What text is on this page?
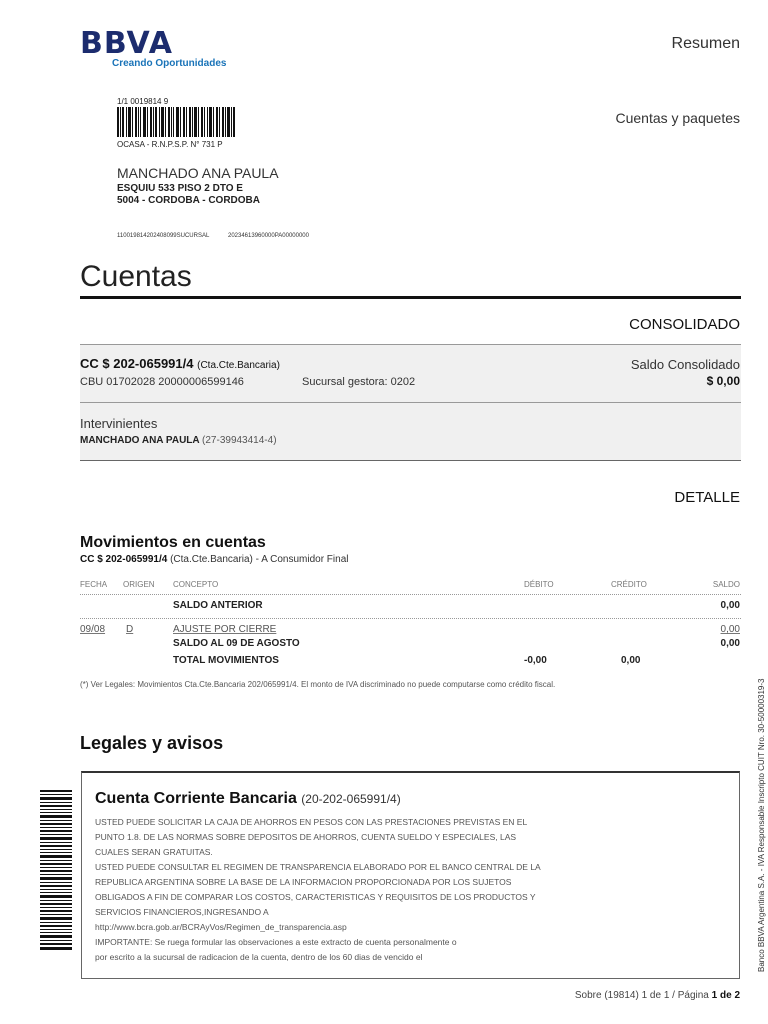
BBVA
Creando Oportunidades
Resumen
Cuentas y paquetes
1/1 0019814 9
OCASA - R.N.P.S.P. N° 731 P
MANCHADO ANA PAULA
ESQUIU 533 PISO 2 DTO E
5004 - CORDOBA - CORDOBA
110019814202408099SUCURSAL	20234613960000PA00000000
Cuentas
CONSOLIDADO
CC $ 202-065991/4 (Cta.Cte.Bancaria)
CBU 01702028 20000006599146	Sucursal gestora: 0202
Saldo Consolidado
$ 0,00
Intervinientes
MANCHADO ANA PAULA (27-39943414-4)
DETALLE
Movimientos en cuentas
CC $ 202-065991/4 (Cta.Cte.Bancaria) - A Consumidor Final
FECHA ORIGEN CONCEPTO	DÉBITO	CRÉDITO	SALDO
SALDO ANTERIOR	0,00
09/08 D	AJUSTE POR CIERRE	0,00
SALDO AL 09 DE AGOSTO	0,00
TOTAL MOVIMIENTOS	-0,00	0,00
(*) Ver Legales: Movimientos Cta.Cte.Bancaria 202/065991/4. El monto de IVA discriminado no puede computarse como crédito fiscal.
Legales y avisos
Cuenta Corriente Bancaria (20-202-065991/4)
USTED PUEDE SOLICITAR LA CAJA DE AHORROS EN PESOS CON LAS PRESTACIONES PREVISTAS EN EL
PUNTO 1.8. DE LAS NORMAS SOBRE DEPOSITOS DE AHORROS, CUENTA SUELDO Y ESPECIALES, LAS
CUALES SERAN GRATUITAS.
USTED PUEDE CONSULTAR EL REGIMEN DE TRANSPARENCIA ELABORADO POR EL BANCO CENTRAL DE LA
REPUBLICA ARGENTINA SOBRE LA BASE DE LA INFORMACION PROPORCIONADA POR LOS SUJETOS
OBLIGADOS A FIN DE COMPARAR LOS COSTOS, CARACTERISTICAS Y REQUISITOS DE LOS PRODUCTOS Y
SERVICIOS FINANCIEROS,INGRESANDO A
http://www.bcra.gob.ar/BCRAyVos/Regimen_de_transparencia.asp
IMPORTANTE: Se ruega formular las observaciones a este extracto de cuenta personalmente o
por escrito a la sucursal de radicacion de la cuenta, dentro de los 60 dias de vencido el	Banco BBVA Argentina S.A. - IVA Responsable Inscripto CUIT Nro. 30-50000319-3
Sobre (19814) 1 de 1 / Página 1 de 2
